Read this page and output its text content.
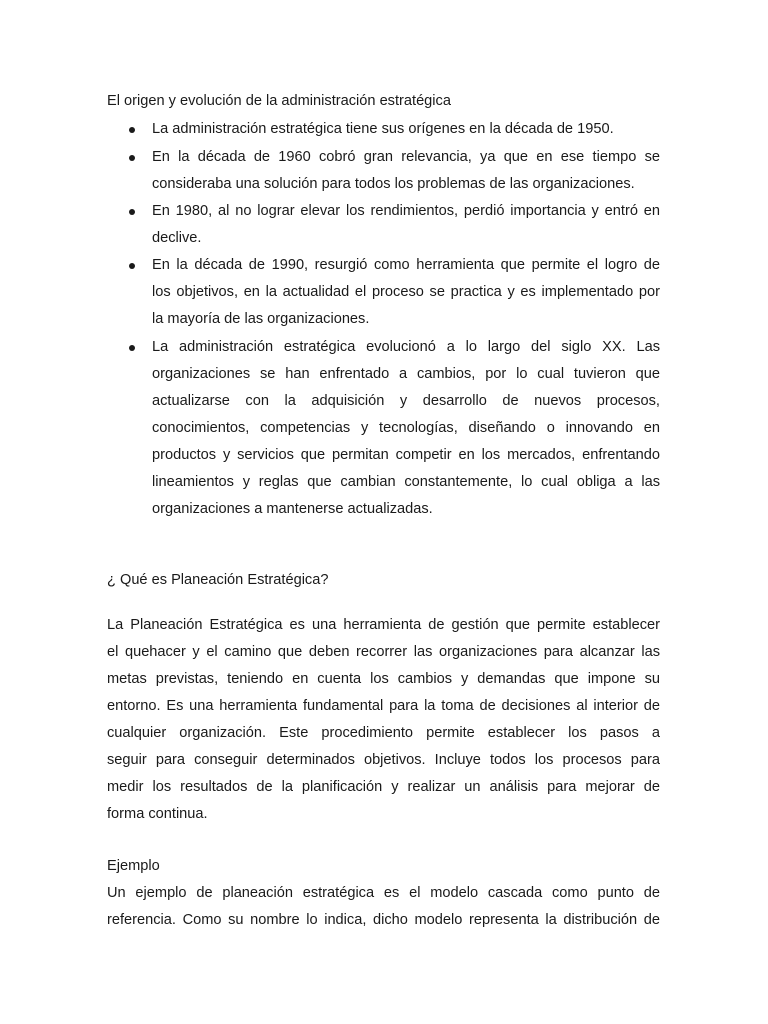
El origen y evolución de la administración estratégica
La administración estratégica tiene sus orígenes en la década de 1950.
En la década de 1960 cobró gran relevancia, ya que en ese tiempo se
consideraba una solución para todos los problemas de las organizaciones.
En 1980, al no lograr elevar los rendimientos, perdió importancia y entró en
declive.
En la década de 1990, resurgió como herramienta que permite el logro de
los objetivos, en la actualidad el proceso se practica y es implementado por
la mayoría de las organizaciones.
La administración estratégica evolucionó a lo largo del siglo XX. Las
organizaciones se han enfrentado a cambios, por lo cual tuvieron que
actualizarse con la adquisición y desarrollo de nuevos procesos,
conocimientos, competencias y tecnologías, diseñando o innovando en
productos y servicios que permitan competir en los mercados, enfrentando
lineamientos y reglas que cambian constantemente, lo cual obliga a las
organizaciones a mantenerse actualizadas.
¿ Qué es Planeación Estratégica?
La Planeación Estratégica es una herramienta de gestión que permite establecer
el quehacer y el camino que deben recorrer las organizaciones para alcanzar las
metas previstas, teniendo en cuenta los cambios y demandas que impone su
entorno. Es una herramienta fundamental para la toma de decisiones al interior de
cualquier organización. Este procedimiento permite establecer los pasos a
seguir para conseguir determinados objetivos. Incluye todos los procesos para
medir los resultados de la planificación y realizar un análisis para mejorar de
forma continua.
Ejemplo
Un ejemplo de planeación estratégica es el modelo cascada como punto de
referencia. Como su nombre lo indica, dicho modelo representa la distribución de
